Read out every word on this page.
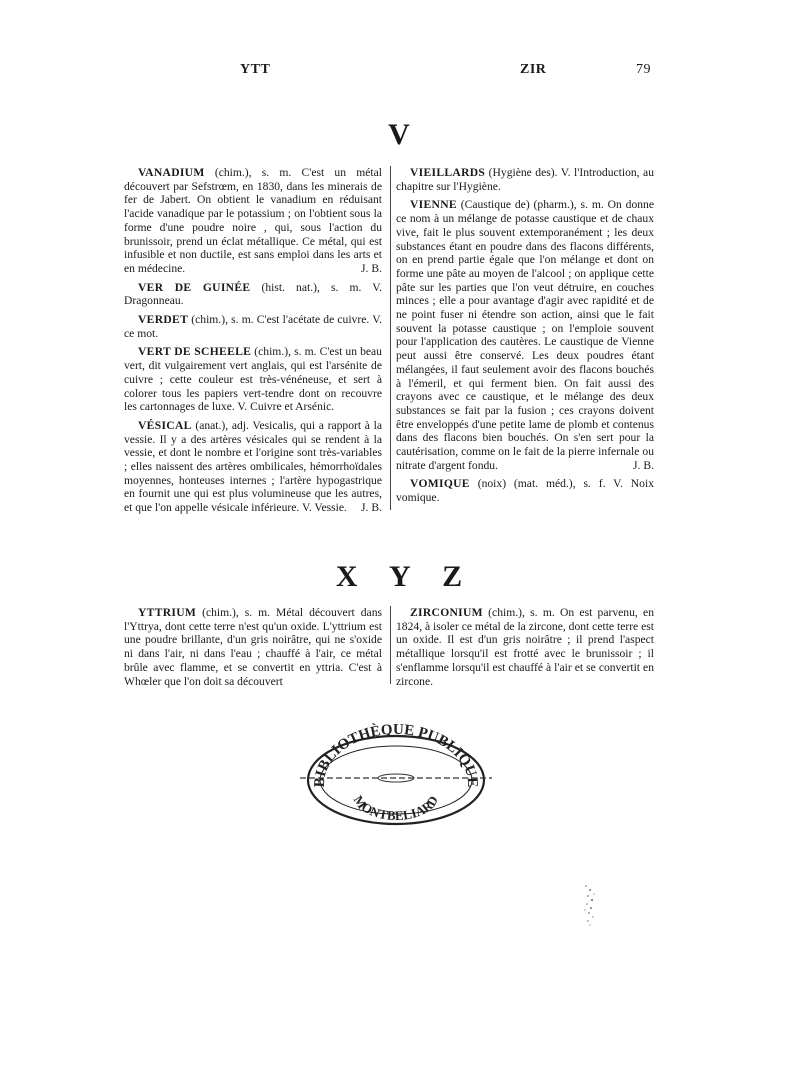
YTT	ZIR	79
V

VANADIUM (chim.), s. m. C'est un métal découvert par Sefstrœm, en 1830, dans les minerais de fer de Jabert. On obtient le vanadium en réduisant l'acide vanadique par le potassium ; on l'obtient sous la forme d'une poudre noire , qui, sous l'action du brunissoir, prend un éclat métallique. Ce métal, qui est infusible et non ductile, est sans emploi dans les arts et en médecine.	J. B.

VER DE GUINÉE (hist. nat.), s. m. V. Dragonneau.

VERDET (chim.), s. m. C'est l'acétate de cuivre. V. ce mot.

VERT DE SCHEELE (chim.), s. m. C'est un beau vert, dit vulgairement vert anglais, qui est l'arsénite de cuivre ; cette couleur est très-vénéneuse, et sert à colorer tous les papiers vert-tendre dont on recouvre les cartonnages de luxe. V. Cuivre et Arsénic.

VÉSICAL (anat.), adj. Vesicalis, qui a rapport à la vessie. Il y a des artères vésicales qui se rendent à la vessie, et dont le nombre et l'origine sont très-variables ; elles naissent des artères ombilicales, hémorrhoïdales moyennes, honteuses internes ; l'artère hypogastrique en fournit une qui est plus volumineuse que les autres, et que l'on appelle vésicale inférieure. V. Vessie.	J. B.

VIEILLARDS (Hygiène des). V. l'Introduction, au chapitre sur l'Hygiène.

VIENNE (Caustique de) (pharm.), s. m. On donne ce nom à un mélange de potasse caustique et de chaux vive, fait le plus souvent extemporanément ; les deux substances étant en poudre dans des flacons différents, on en prend partie égale que l'on mélange et dont on forme une pâte au moyen de l'alcool ; on applique cette pâte sur les parties que l'on veut détruire, en couches minces ; elle a pour avantage d'agir avec rapidité et de ne point fuser ni étendre son action, ainsi que le fait souvent la potasse caustique ; on l'emploie souvent pour l'application des cautères. Le caustique de Vienne peut aussi être conservé. Les deux poudres étant mélangées, il faut seulement avoir des flacons bouchés à l'émeril, et qui ferment bien. On fait aussi des crayons avec ce caustique, et le mélange des deux substances se fait par la fusion ; ces crayons doivent être enveloppés d'une petite lame de plomb et contenus dans des flacons bien bouchés. On s'en sert pour la cautérisation, comme on le fait de la pierre infernale ou nitrate d'argent fondu.	J. B.

VOMIQUE (noix) (mat. méd.), s. f. V. Noix vomique.

X Y Z

YTTRIUM (chim.), s. m. Métal découvert dans l'Yttrya, dont cette terre n'est qu'un oxide. L'yttrium est une poudre brillante, d'un gris noirâtre, qui ne s'oxide ni dans l'air, ni dans l'eau ; chauffé à l'air, ce métal brûle avec flamme, et se convertit en yttria. C'est à Whœler que l'on doit sa découvert

ZIRCONIUM (chim.), s. m. On est parvenu, en 1824, à isoler ce métal de la zircone, dont cette terre est un oxide. Il est d'un gris noirâtre ; il prend l'aspect métallique lorsqu'il est frotté avec le brunissoir ; il s'enflamme lorsqu'il est chauffé à l'air et se convertit en zircone.

BIBLIOTHÈQUE PUBLIQUE
MONTBELIARD
